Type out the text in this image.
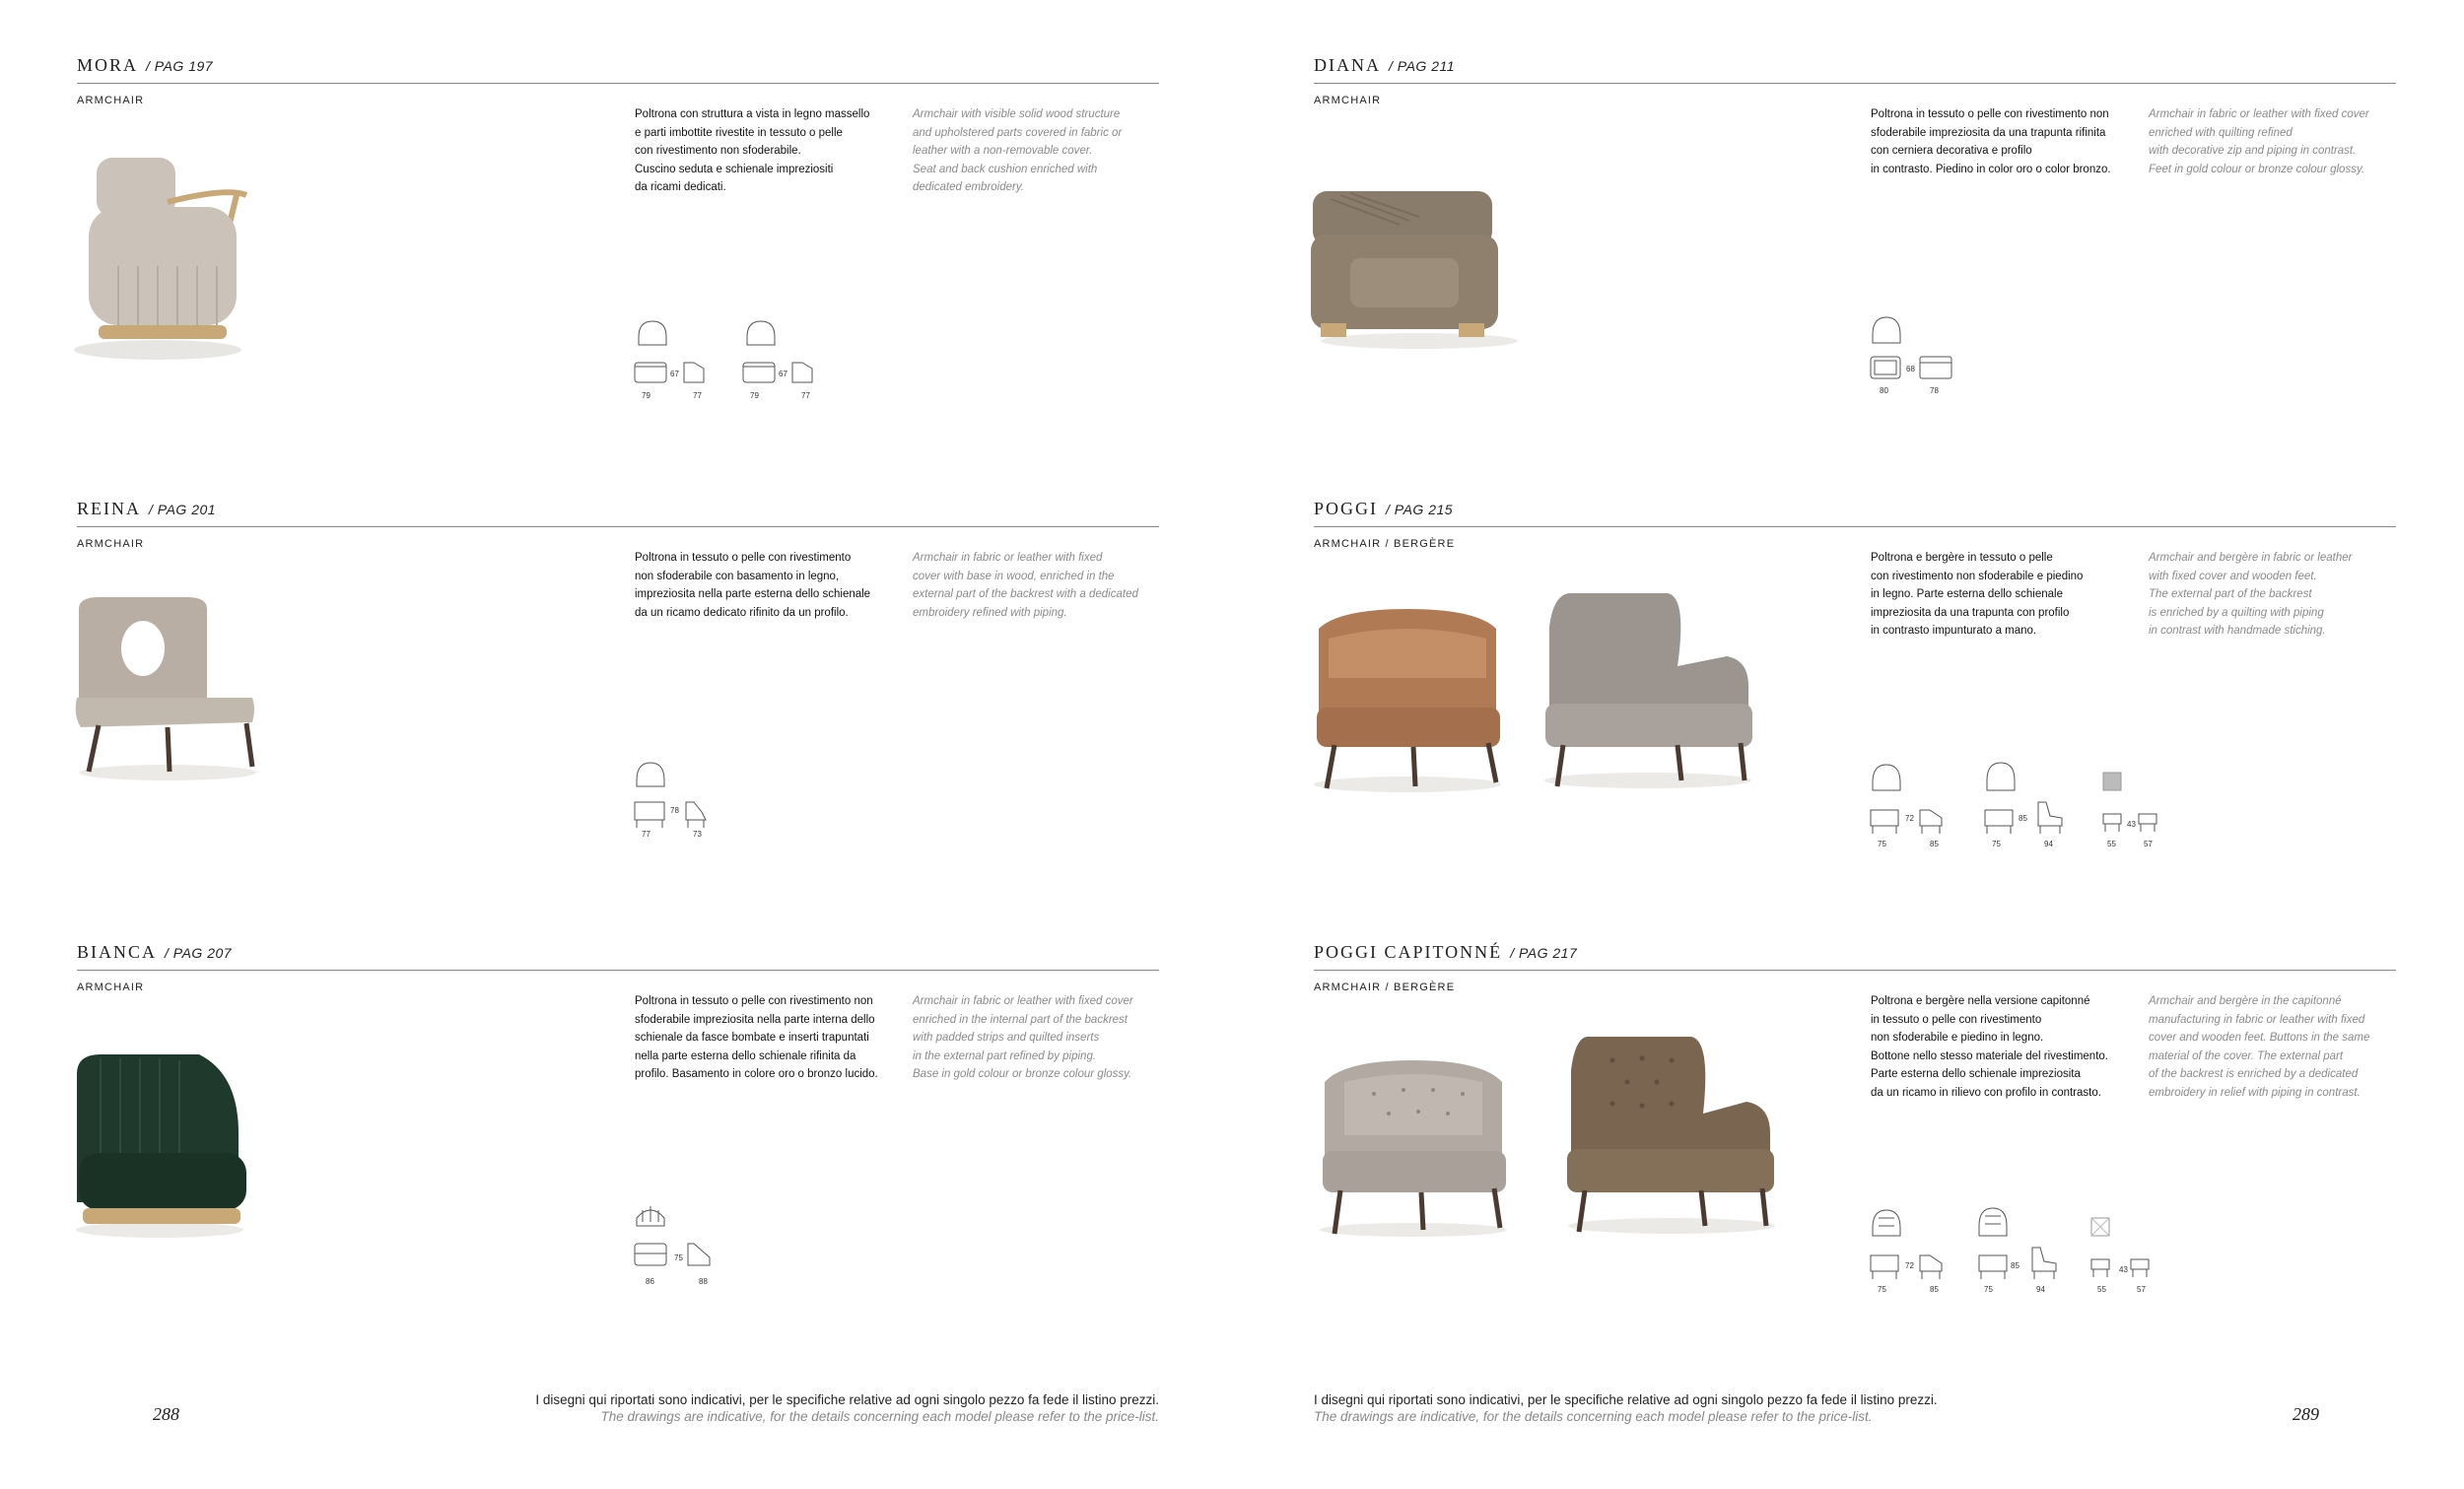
MORA / PAG 197
ARMCHAIR
Poltrona con struttura a vista in legno massello
e parti imbottite rivestite in tessuto o pelle
con rivestimento non sfoderabile.
Cuscino seduta e schienale impreziositi
da ricami dedicati.
Armchair with visible solid wood structure
and upholstered parts covered in fabric or
leather with a non-removable cover.
Seat and back cushion enriched with
dedicated embroidery.
67
79	77
67
79	77
REINA / PAG 201
ARMCHAIR
Poltrona in tessuto o pelle con rivestimento
non sfoderabile con basamento in legno,
impreziosita nella parte esterna dello schienale
da un ricamo dedicato rifinito da un profilo.
Armchair in fabric or leather with fixed
cover with base in wood, enriched in the
external part of the backrest with a dedicated
embroidery refined with piping.
78
77	73
BIANCA / PAG 207
ARMCHAIR
Poltrona in tessuto o pelle con rivestimento non
sfoderabile impreziosita nella parte interna dello
schienale da fasce bombate e inserti trapuntati
nella parte esterna dello schienale rifinita da
profilo. Basamento in colore oro o bronzo lucido.
Armchair in fabric or leather with fixed cover
enriched in the internal part of the backrest
with padded strips and quilted inserts
in the external part refined by piping.
Base in gold colour or bronze colour glossy.
75
86	88
288
I disegni qui riportati sono indicativi, per le specifiche relative ad ogni singolo pezzo fa fede il listino prezzi.
The drawings are indicative, for the details concerning each model please refer to the price-list.
DIANA / PAG 211
ARMCHAIR
Poltrona in tessuto o pelle con rivestimento non
sfoderabile impreziosita da una trapunta rifinita
con cerniera decorativa e profilo
in contrasto. Piedino in color oro o color bronzo.
Armchair in fabric or leather with fixed cover
enriched with quilting refined
with decorative zip and piping in contrast.
Feet in gold colour or bronze colour glossy.
68
80	78
POGGI / PAG 215
ARMCHAIR / BERGÈRE
Poltrona e bergère in tessuto o pelle
con rivestimento non sfoderabile e piedino
in legno. Parte esterna dello schienale
impreziosita da una trapunta con profilo
in contrasto impunturato a mano.
Armchair and bergère in fabric or leather
with fixed cover and wooden feet.
The external part of the backrest
is enriched by a quilting with piping
in contrast with handmade stiching.
72
75	85
85
75	94
43
55	57
POGGI CAPITONNÉ / PAG 217
ARMCHAIR / BERGÈRE
Poltrona e bergère nella versione capitonné
in tessuto o pelle con rivestimento
non sfoderabile e piedino in legno.
Bottone nello stesso materiale del rivestimento.
Parte esterna dello schienale impreziosita
da un ricamo in rilievo con profilo in contrasto.
Armchair and bergère in the capitonné
manufacturing in fabric or leather with fixed
cover and wooden feet. Buttons in the same
material of the cover. The external part
of the backrest is enriched by a dedicated
embroidery in relief with piping in contrast.
72
75	85
85
75	94
43
55	57
I disegni qui riportati sono indicativi, per le specifiche relative ad ogni singolo pezzo fa fede il listino prezzi.
The drawings are indicative, for the details concerning each model please refer to the price-list.	289
